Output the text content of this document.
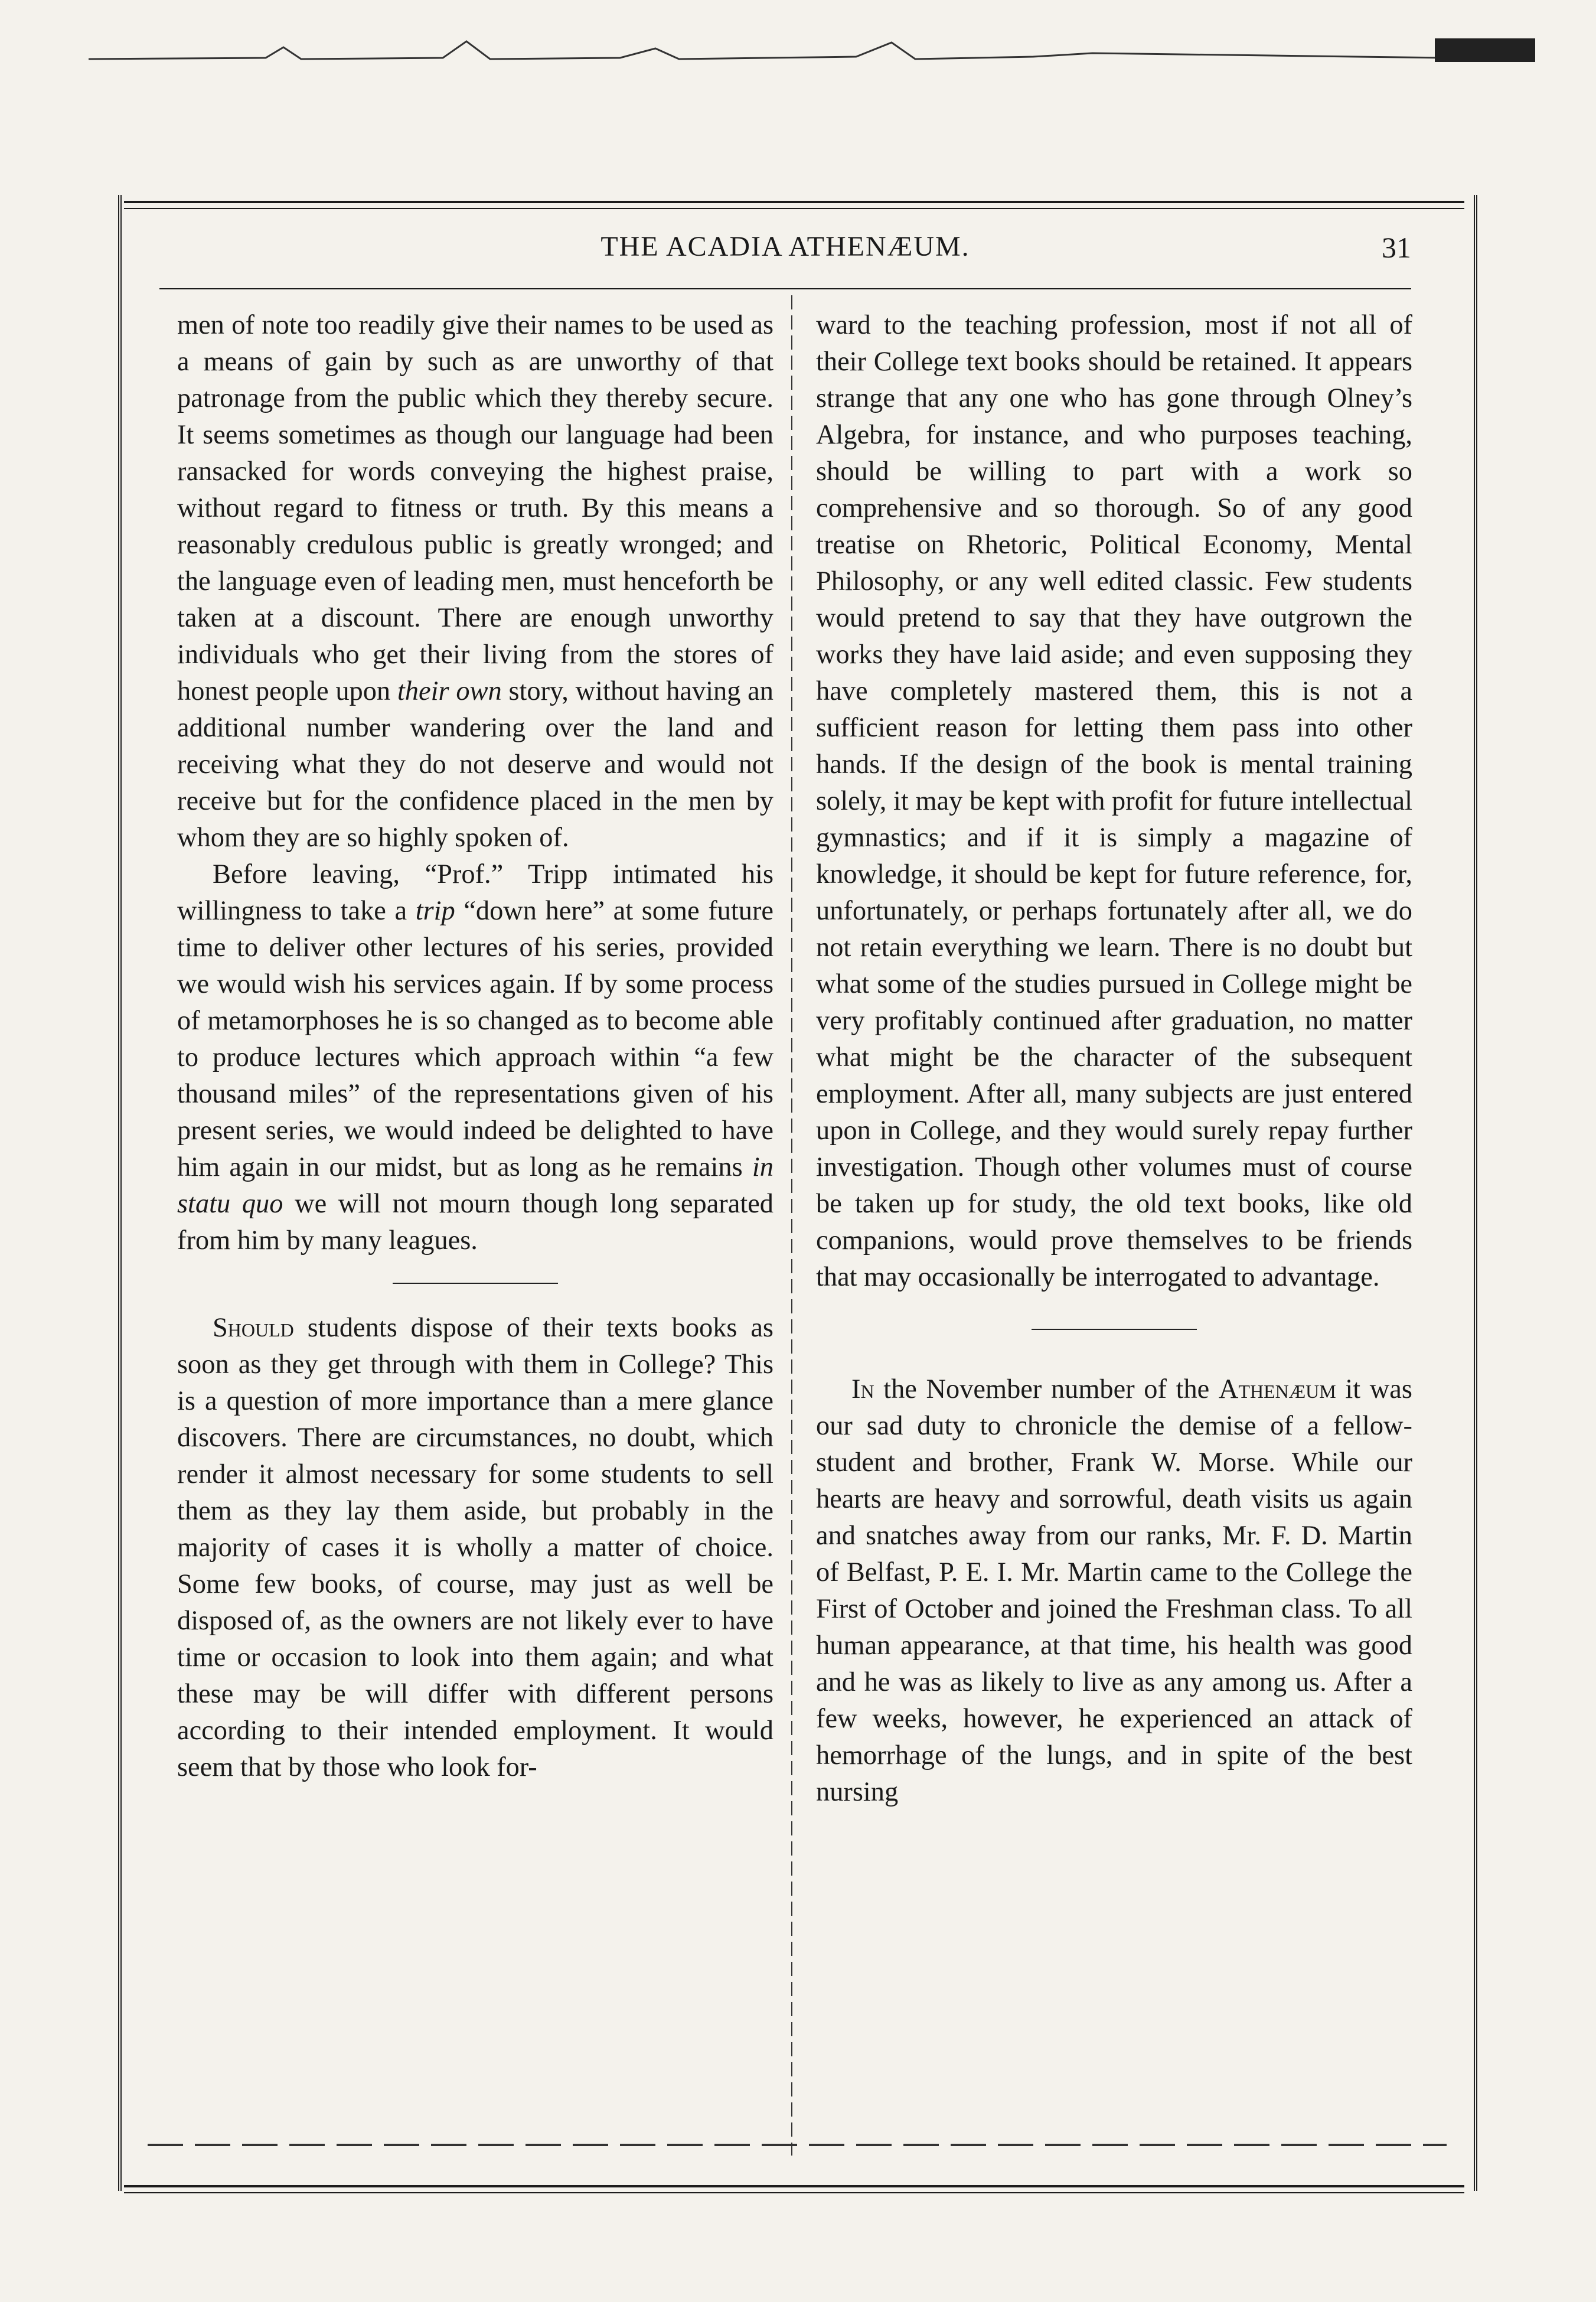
THE ACADIA ATHENÆUM.	31

men of note too readily give their names to be used as a means of gain by such as are unworthy of that patronage from the public which they thereby secure. It seems sometimes as though our language had been ransacked for words conveying the highest praise, without regard to fitness or truth. By this means a reasonably credulous public is greatly wronged; and the language even of leading men, must henceforth be taken at a discount. There are enough unworthy individuals who get their living from the stores of honest people upon their own story, without having an additional number wandering over the land and receiving what they do not deserve and would not receive but for the confidence placed in the men by whom they are so highly spoken of.

Before leaving, “Prof.” Tripp intimated his willingness to take a trip “down here” at some future time to deliver other lectures of his series, provided we would wish his services again. If by some process of metamorphoses he is so changed as to become able to produce lectures which approach within “a few thousand miles” of the representations given of his present series, we would indeed be delighted to have him again in our midst, but as long as he remains in statu quo we will not mourn though long separated from him by many leagues.

Should students dispose of their texts books as soon as they get through with them in College? This is a question of more importance than a mere glance discovers. There are circumstances, no doubt, which render it almost necessary for some students to sell them as they lay them aside, but probably in the majority of cases it is wholly a matter of choice. Some few books, of course, may just as well be disposed of, as the owners are not likely ever to have time or occasion to look into them again; and what these may be will differ with different persons according to their intended employment. It would seem that by those who look for-

ward to the teaching profession, most if not all of their College text books should be retained. It appears strange that any one who has gone through Olney’s Algebra, for instance, and who purposes teaching, should be willing to part with a work so comprehensive and so thorough. So of any good treatise on Rhetoric, Political Economy, Mental Philosophy, or any well edited classic. Few students would pretend to say that they have outgrown the works they have laid aside; and even supposing they have completely mastered them, this is not a sufficient reason for letting them pass into other hands. If the design of the book is mental training solely, it may be kept with profit for future intellectual gymnastics; and if it is simply a magazine of knowledge, it should be kept for future reference, for, unfortunately, or perhaps fortunately after all, we do not retain everything we learn. There is no doubt but what some of the studies pursued in College might be very profitably continued after graduation, no matter what might be the character of the subsequent employment. After all, many subjects are just entered upon in College, and they would surely repay further investigation. Though other volumes must of course be taken up for study, the old text books, like old companions, would prove themselves to be friends that may occasionally be interrogated to advantage.

In the November number of the Athenæum it was our sad duty to chronicle the demise of a fellow-student and brother, Frank W. Morse. While our hearts are heavy and sorrowful, death visits us again and snatches away from our ranks, Mr. F. D. Martin of Belfast, P. E. I. Mr. Martin came to the College the First of October and joined the Freshman class. To all human appearance, at that time, his health was good and he was as likely to live as any among us. After a few weeks, however, he experienced an attack of hemorrhage of the lungs, and in spite of the best nursing
